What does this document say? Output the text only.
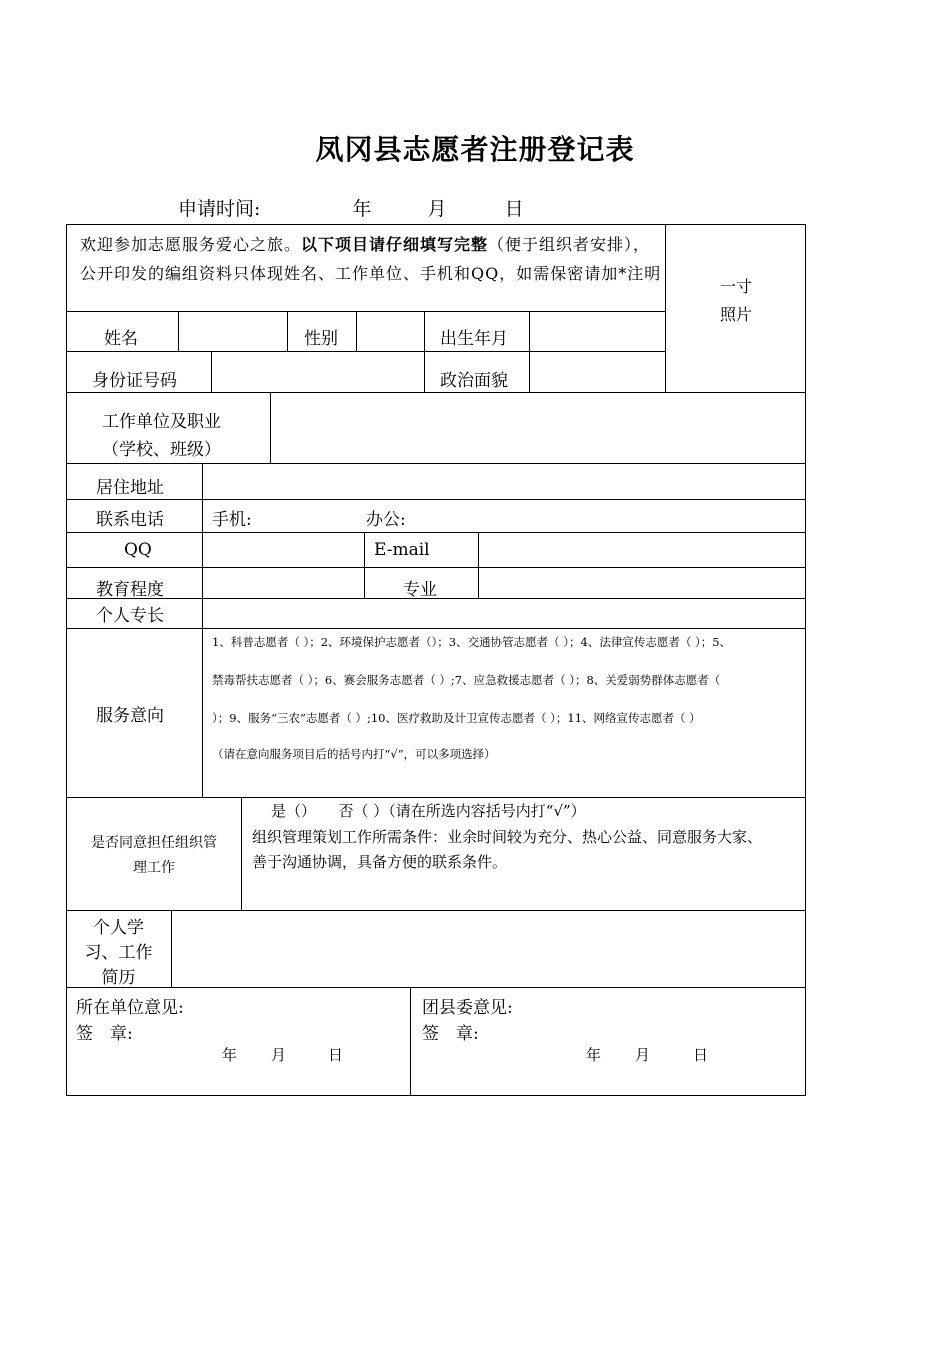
凤冈县志愿者注册登记表
申请时间:	年	月	日
欢迎参加志愿服务爱心之旅。以下项目请仔细填写完整（便于组织者安排），公开印发的编组资料只体现姓名、工作单位、手机和QQ，如需保密请加*注明
一寸
照片
姓名	性别	出生年月
身份证号码	政治面貌
工作单位及职业
（学校、班级）
居住地址
联系电话	手机:	办公:
QQ	E-mail
教育程度	专业
个人专长
服务意向
1、科普志愿者（ ）；2、环境保护志愿者（）；3、交通协管志愿者（ ）；4、法律宣传志愿者（ ）；5、
禁毒帮扶志愿者（ ）；6、赛会服务志愿者（ ）;7、应急救援志愿者（ ）；8、关爱弱势群体志愿者（
）；9、服务“三农”志愿者（ ）;10、医疗救助及计卫宣传志愿者（ ）；11、网络宣传志愿者（ ）
（请在意向服务项目后的括号内打“√”，可以多项选择）
是否同意担任组织管
理工作
是（）　　否（ ）（请在所选内容括号内打“√”）
组织管理策划工作所需条件：业余时间较为充分、热心公益、同意服务大家、
善于沟通协调，具备方便的联系条件。
个人学
习、工作
简历
所在单位意见:
签　章:
年 月	日
团县委意见:
签　章:
年 月	日
